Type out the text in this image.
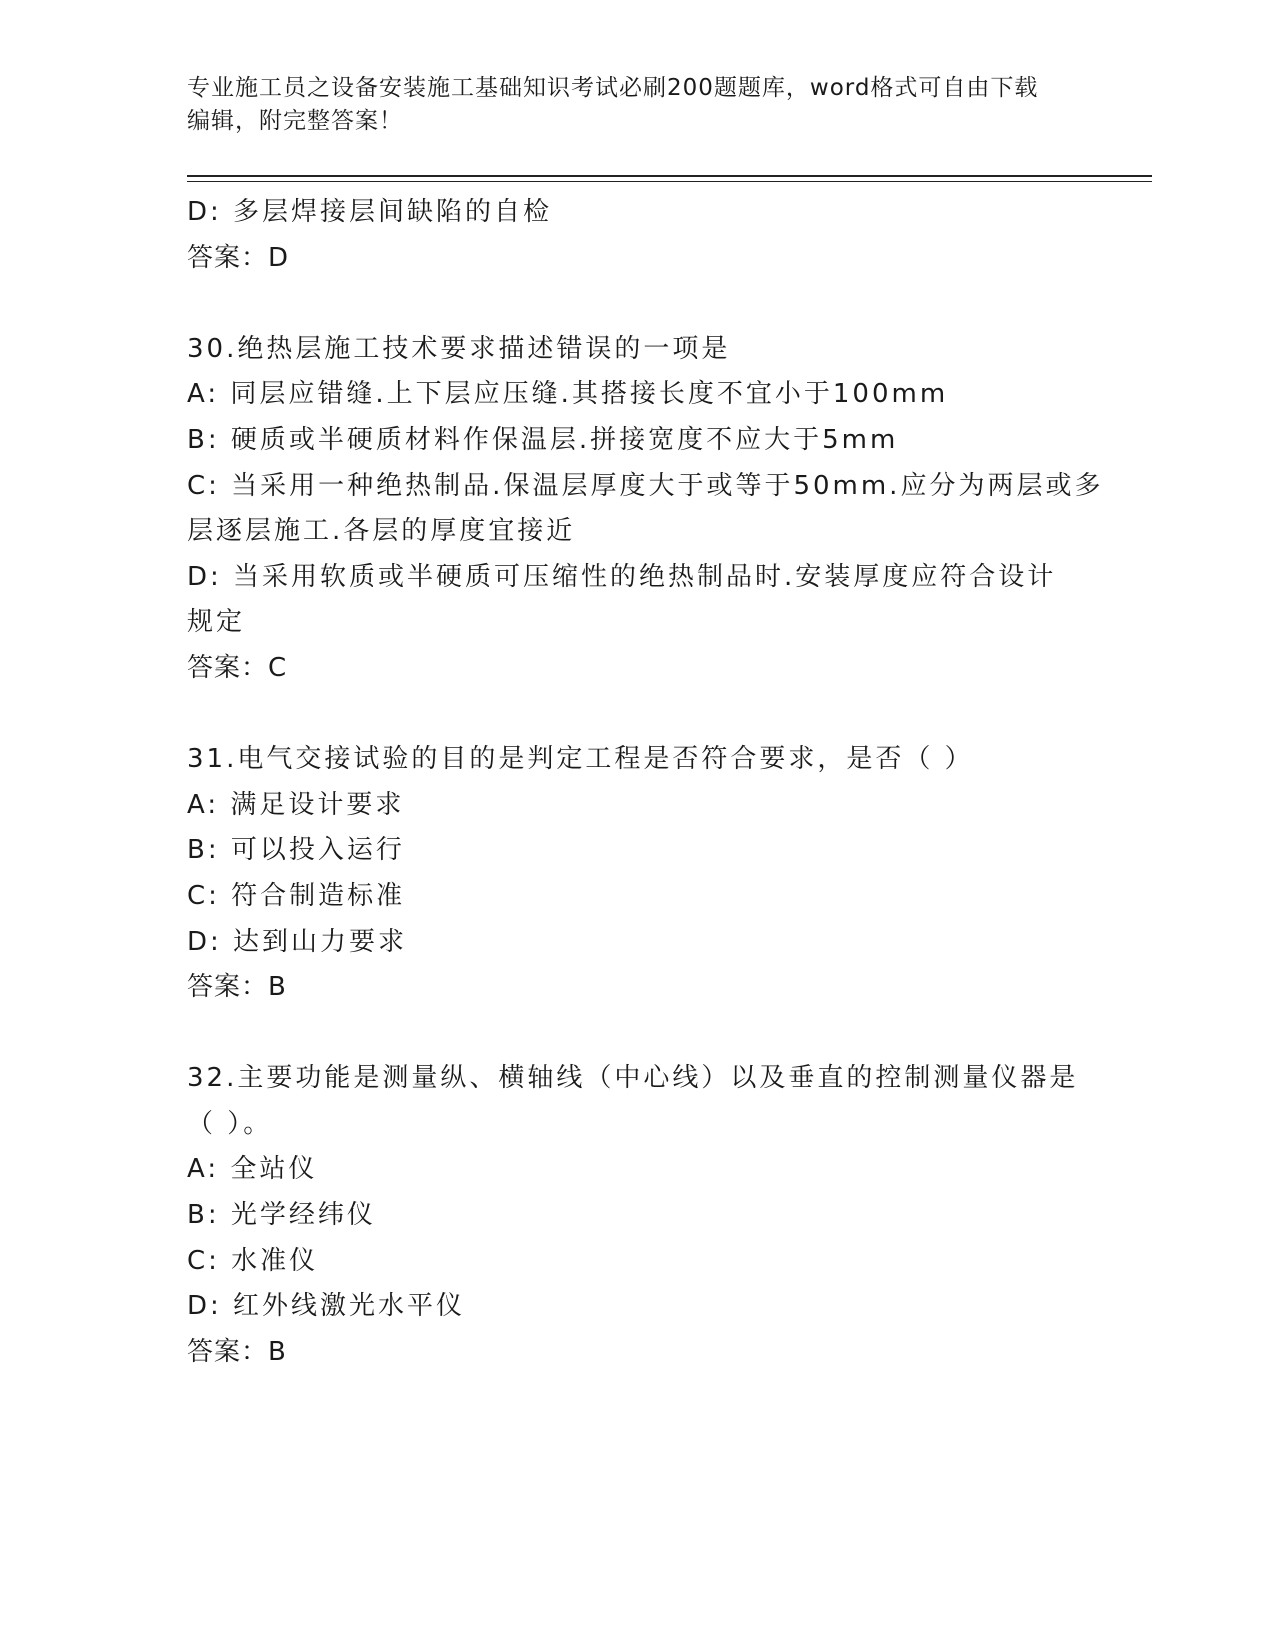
专业施工员之设备安装施工基础知识考试必刷200题题库，word格式可自由下载
编辑，附完整答案！
D: 多层焊接层间缺陷的自检
答案：D
30.绝热层施工技术要求描述错误的一项是
A: 同层应错缝.上下层应压缝.其搭接长度不宜小于100mm
B: 硬质或半硬质材料作保温层.拼接宽度不应大于5mm
C: 当采用一种绝热制品.保温层厚度大于或等于50mm.应分为两层或多
层逐层施工.各层的厚度宜接近
D: 当采用软质或半硬质可压缩性的绝热制品时.安装厚度应符合设计
规定
答案：C
31.电气交接试验的目的是判定工程是否符合要求，是否（ ）
A: 满足设计要求
B: 可以投入运行
C: 符合制造标准
D: 达到山力要求
答案：B
32.主要功能是测量纵、横轴线（中心线）以及垂直的控制测量仪器是
（ ）。
A: 全站仪
B: 光学经纬仪
C: 水准仪
D: 红外线激光水平仪
答案：B
